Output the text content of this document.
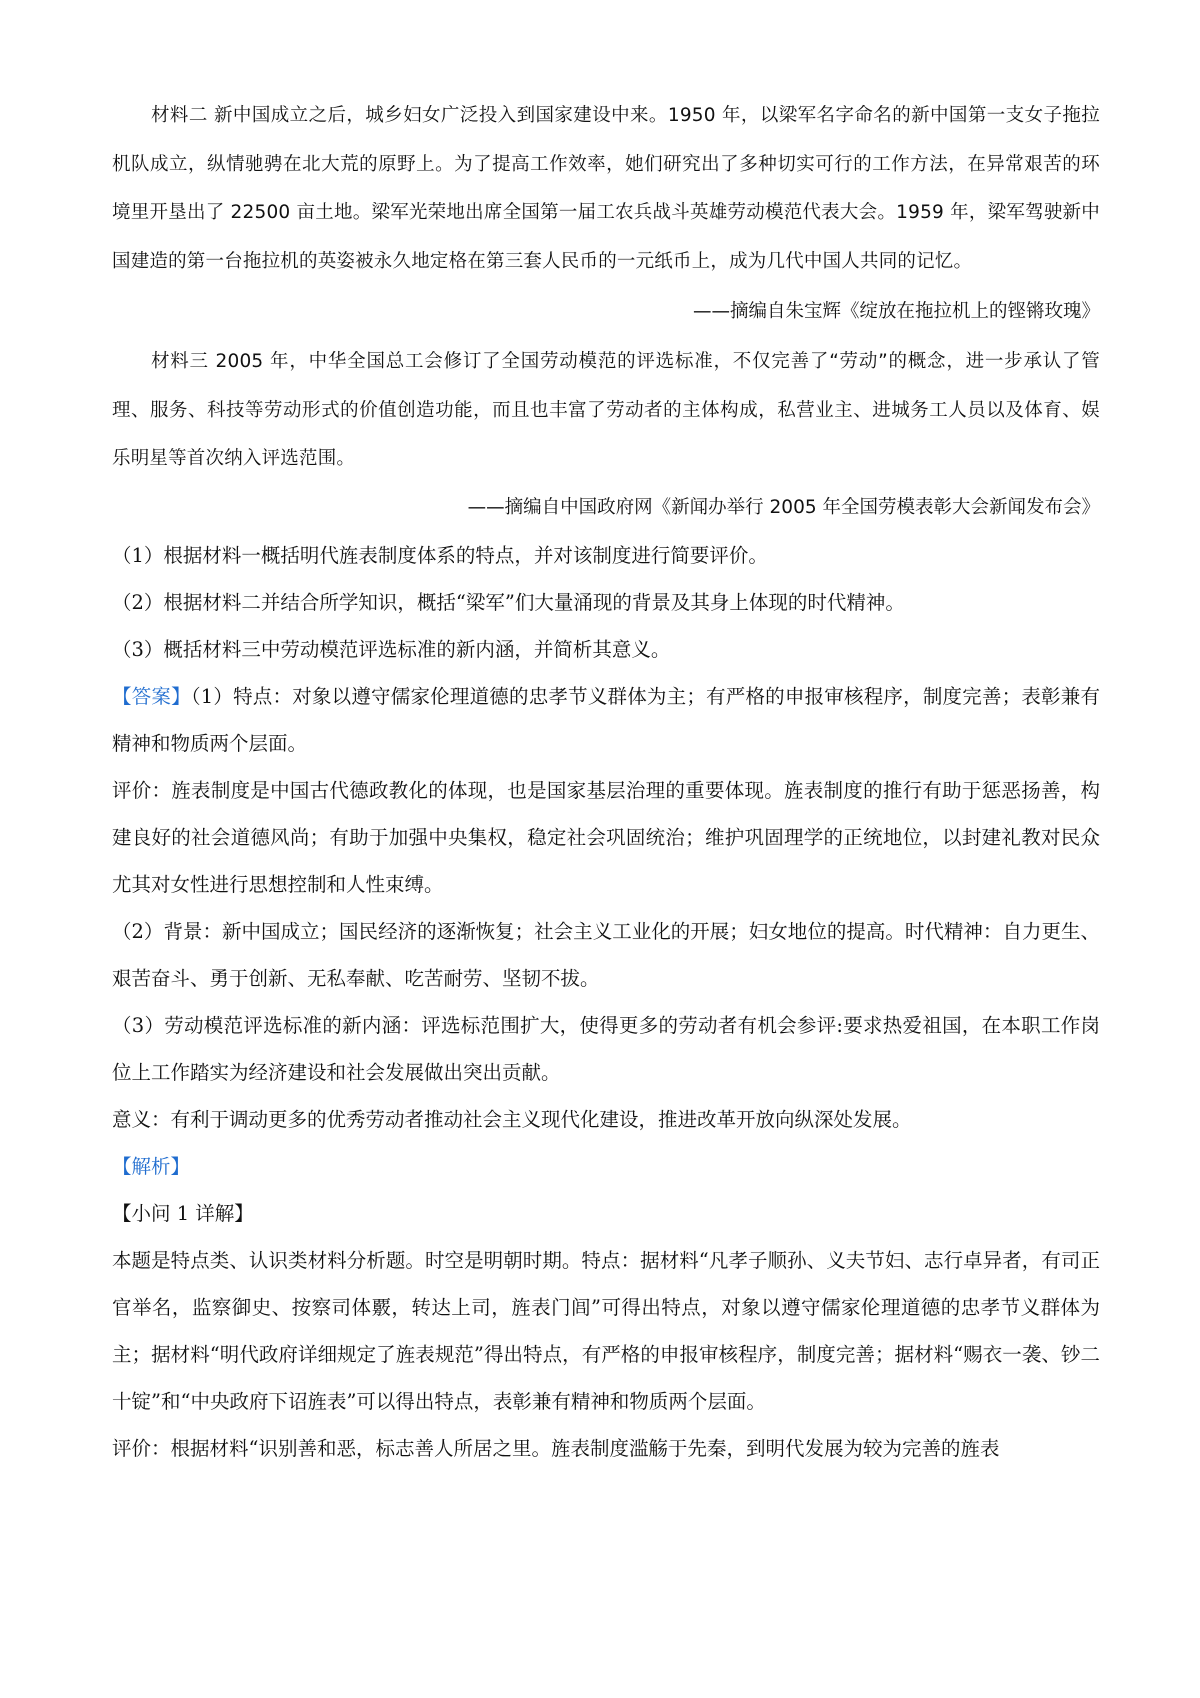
材料二 新中国成立之后，城乡妇女广泛投入到国家建设中来。1950 年，以梁军名字命名的新中国第一支女子拖拉机队成立，纵情驰骋在北大荒的原野上。为了提高工作效率，她们研究出了多种切实可行的工作方法，在异常艰苦的环境里开垦出了 22500 亩土地。梁军光荣地出席全国第一届工农兵战斗英雄劳动模范代表大会。1959 年，梁军驾驶新中国建造的第一台拖拉机的英姿被永久地定格在第三套人民币的一元纸币上，成为几代中国人共同的记忆。

——摘编自朱宝辉《绽放在拖拉机上的铿锵玫瑰》

材料三 2005 年，中华全国总工会修订了全国劳动模范的评选标准，不仅完善了“劳动”的概念，进一步承认了管理、服务、科技等劳动形式的价值创造功能，而且也丰富了劳动者的主体构成，私营业主、进城务工人员以及体育、娱乐明星等首次纳入评选范围。

——摘编自中国政府网《新闻办举行 2005 年全国劳模表彰大会新闻发布会》

（1）根据材料一概括明代旌表制度体系的特点，并对该制度进行简要评价。

（2）根据材料二并结合所学知识，概括“梁军”们大量涌现的背景及其身上体现的时代精神。

（3）概括材料三中劳动模范评选标准的新内涵，并简析其意义。

【答案】（1）特点：对象以遵守儒家伦理道德的忠孝节义群体为主；有严格的申报审核程序，制度完善；表彰兼有精神和物质两个层面。

评价：旌表制度是中国古代德政教化的体现，也是国家基层治理的重要体现。旌表制度的推行有助于惩恶扬善，构建良好的社会道德风尚；有助于加强中央集权，稳定社会巩固统治；维护巩固理学的正统地位，以封建礼教对民众尤其对女性进行思想控制和人性束缚。

（2）背景：新中国成立；国民经济的逐渐恢复；社会主义工业化的开展；妇女地位的提高。时代精神：自力更生、艰苦奋斗、勇于创新、无私奉献、吃苦耐劳、坚韧不拔。

（3）劳动模范评选标准的新内涵：评选标范围扩大，使得更多的劳动者有机会参评:要求热爱祖国，在本职工作岗位上工作踏实为经济建设和社会发展做出突出贡献。

意义：有利于调动更多的优秀劳动者推动社会主义现代化建设，推进改革开放向纵深处发展。

【解析】

【小问 1 详解】

本题是特点类、认识类材料分析题。时空是明朝时期。特点：据材料“凡孝子顺孙、义夫节妇、志行卓异者，有司正官举名，监察御史、按察司体覈，转达上司，旌表门闾”可得出特点，对象以遵守儒家伦理道德的忠孝节义群体为主；据材料“明代政府详细规定了旌表规范”得出特点，有严格的申报审核程序，制度完善；据材料“赐衣一袭、钞二十锭”和“中央政府下诏旌表”可以得出特点，表彰兼有精神和物质两个层面。

评价：根据材料“识别善和恶，标志善人所居之里。旌表制度滥觞于先秦，到明代发展为较为完善的旌表
